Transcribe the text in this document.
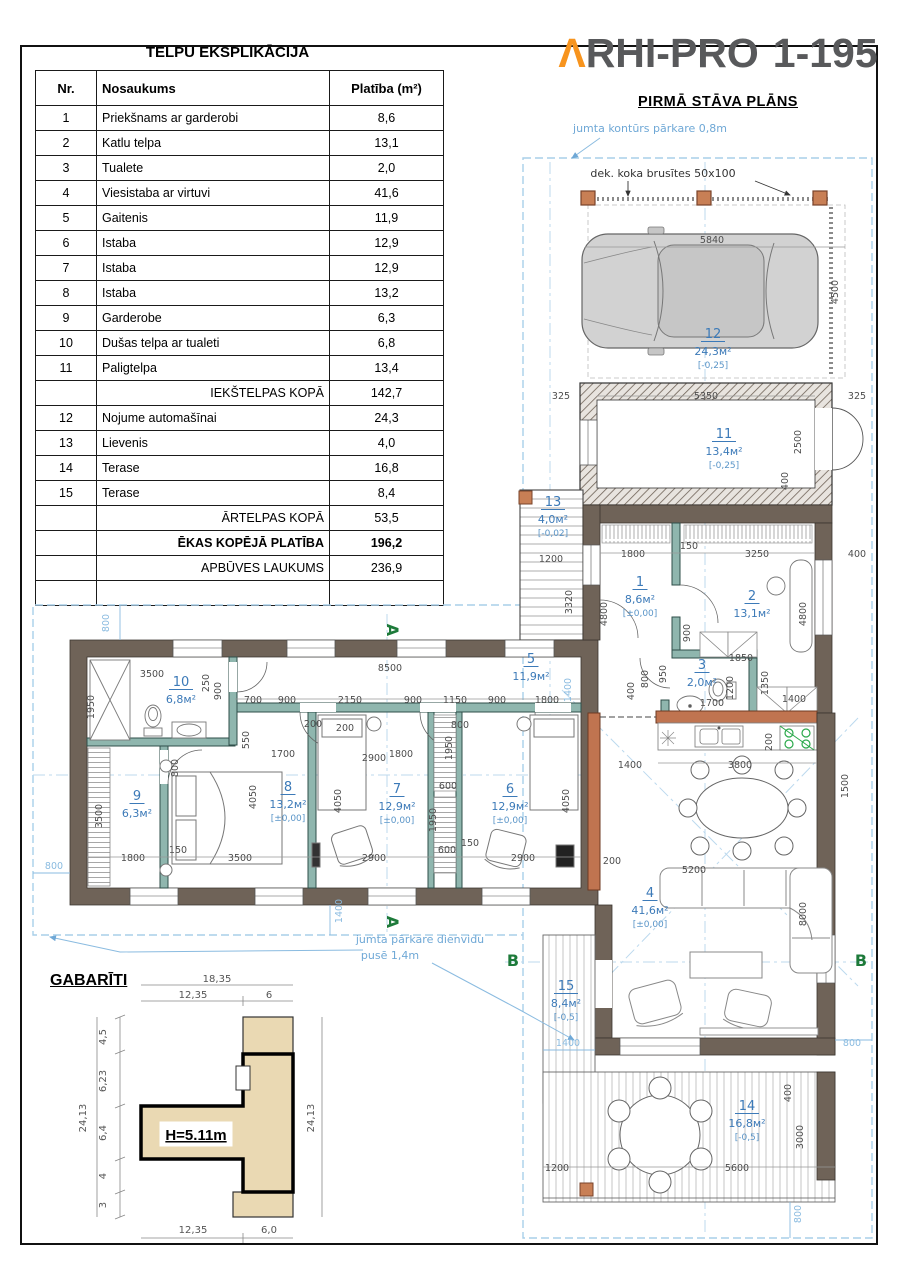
TELPU EKSPLIKĀCIJA
Nr.	Nosaukums	Platība (m²)
1	Priekšnams ar garderobi	8,6
2	Katlu telpa	13,1
3	Tualete	2,0
4	Viesistaba ar virtuvi	41,6
5	Gaitenis	11,9
6	Istaba	12,9
7	Istaba	12,9
8	Istaba	13,2
9	Garderobe	6,3
10	Dušas telpa ar tualeti	6,8
11	Paligtelpa	13,4
	IEKŠTELPAS KOPĀ	142,7
12	Nojume automašīnai	24,3
13	Lievenis	4,0
14	Terase	16,8
15	Terase	8,4
	ĀRTELPAS KOPĀ	53,5
	ĒKAS KOPĒJĀ PLATĪBA	196,2
	APBŪVES LAUKUMS	236,9

ΛRHI-PRO 1-195
PIRMĀ STĀVA PLĀNS
GABARĪTI
5840
4500
325	5350	325
2500
400
1200
3320
1800
150
3250	400
4800	4800
900
950
1850
800
400	1200	1350
1700	1400
200
1400	3800
1500
200
5200
8000
400
3000
1200	5600
3500	250 900
700 900
200
550
800
1950
1700	1800
800
2150	900 1150 900	1800
8500
200
2900	1950
600
4050	4050
4050
1950
600
150
2900	2900
1800	3500
150
3500
800
800
1400
1400
1400	800
800
A
A
B	B
jumta kontūrs pārkare 0,8m
dek. koka brusītes 50x100
jumta pārkare dienvidu
pusē 1,4m
18,35
12,35	6
4,5
6,23
6,4
4
3
24,13	24,13
12,35	6,0
H=5.11m
1
8,6м²
[±0,00]
2
13,1м²
3
2,0м²
4
41,6м²
[±0,00]
5
11,9м²
6
12,9м²
[±0,00]
7
12,9м²
[±0,00]
8
13,2м²
[±0,00]
9
6,3м²
10
6,8м²
11
13,4м²
[-0,25]
12
24,3м²
[-0,25]
13
4,0м²
[-0,02]
14
16,8м²
[-0,5]
15
8,4м²
[-0,5]
